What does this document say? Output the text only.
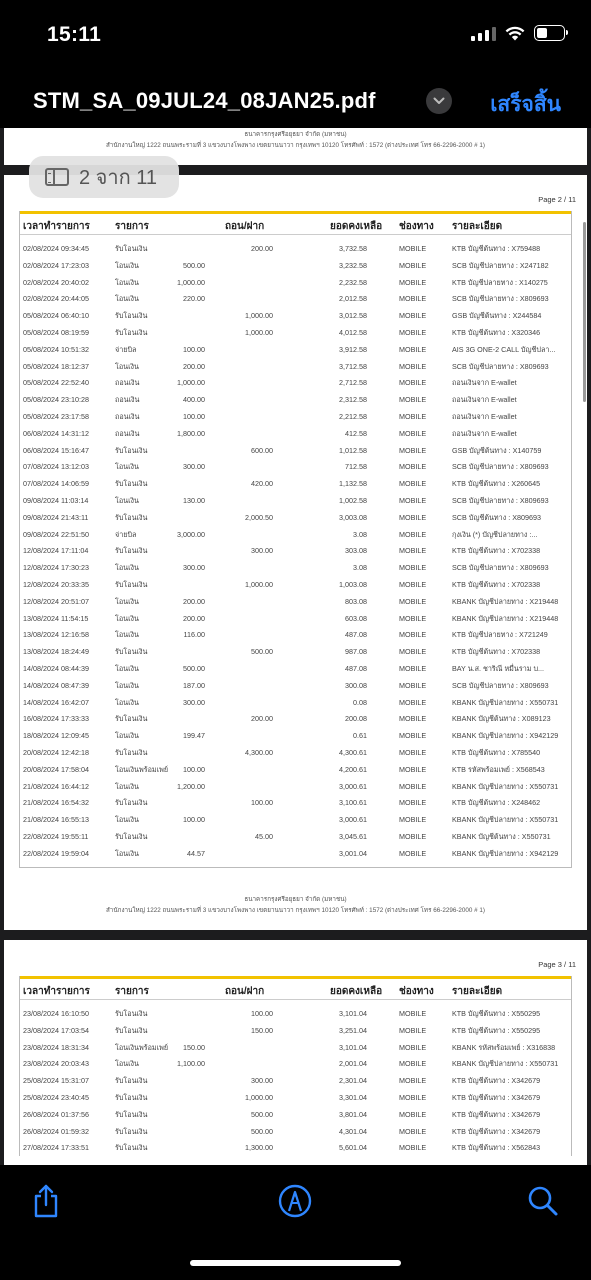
15:11
STM_SA_09JUL24_08JAN25.pdf	เสร็จสิ้น
ธนาคารกรุงศรีอยุธยา จำกัด (มหาชน)
สำนักงานใหญ่ 1222 ถนนพระรามที่ 3 แขวงบางโพงพาง เขตยานนาวา กรุงเทพฯ 10120 โทรศัพท์ : 1572 (ต่างประเทศ โทร 66-2296-2000 # 1)
Page 2 / 11
เวลาทำรายการ	รายการ	ถอน/ฝาก	ยอดคงเหลือ ช่องทาง รายละเอียด
02/08/2024 09:34:45	รับโอนเงิน	200.00	3,732.58	MOBILE	KTB บัญชีต้นทาง : X759488
02/08/2024 17:23:03	โอนเงิน	500.00	3,232.58	MOBILE	SCB บัญชีปลายทาง : X247182
02/08/2024 20:40:02	โอนเงิน	1,000.00	2,232.58	MOBILE	KTB บัญชีปลายทาง : X140275
02/08/2024 20:44:05	โอนเงิน	220.00	2,012.58	MOBILE	SCB บัญชีปลายทาง : X809693
05/08/2024 06:40:10	รับโอนเงิน	1,000.00	3,012.58	MOBILE	GSB บัญชีต้นทาง : X244584
05/08/2024 08:19:59	รับโอนเงิน	1,000.00	4,012.58	MOBILE	KTB บัญชีต้นทาง : X320346
05/08/2024 10:51:32	จ่ายบิล	100.00	3,912.58	MOBILE	AIS 3G ONE-2 CALL บัญชีปลา...
05/08/2024 18:12:37	โอนเงิน	200.00	3,712.58	MOBILE	SCB บัญชีปลายทาง : X809693
05/08/2024 22:52:40	ถอนเงิน	1,000.00	2,712.58	MOBILE	ถอนเงินจาก E-wallet
05/08/2024 23:10:28	ถอนเงิน	400.00	2,312.58	MOBILE	ถอนเงินจาก E-wallet
05/08/2024 23:17:58	ถอนเงิน	100.00	2,212.58	MOBILE	ถอนเงินจาก E-wallet
06/08/2024 14:31:12	ถอนเงิน	1,800.00	412.58	MOBILE	ถอนเงินจาก E-wallet
06/08/2024 15:16:47	รับโอนเงิน	600.00	1,012.58	MOBILE	GSB บัญชีต้นทาง : X140759
07/08/2024 13:12:03	โอนเงิน	300.00	712.58	MOBILE	SCB บัญชีปลายทาง : X809693
07/08/2024 14:06:59	รับโอนเงิน	420.00	1,132.58	MOBILE	KTB บัญชีต้นทาง : X260645
09/08/2024 11:03:14	โอนเงิน	130.00	1,002.58	MOBILE	SCB บัญชีปลายทาง : X809693
09/08/2024 21:43:11	รับโอนเงิน	2,000.50	3,003.08	MOBILE	SCB บัญชีต้นทาง : X809693
09/08/2024 22:51:50	จ่ายบิล	3,000.00	3.08	MOBILE	กุงเงิน (*) บัญชีปลายทาง :...
12/08/2024 17:11:04	รับโอนเงิน	300.00	303.08	MOBILE	KTB บัญชีต้นทาง : X702338
12/08/2024 17:30:23	โอนเงิน	300.00	3.08	MOBILE	SCB บัญชีปลายทาง : X809693
12/08/2024 20:33:35	รับโอนเงิน	1,000.00	1,003.08	MOBILE	KTB บัญชีต้นทาง : X702338
12/08/2024 20:51:07	โอนเงิน	200.00	803.08	MOBILE	KBANK บัญชีปลายทาง : X219448
13/08/2024 11:54:15	โอนเงิน	200.00	603.08	MOBILE	KBANK บัญชีปลายทาง : X219448
13/08/2024 12:16:58	โอนเงิน	116.00	487.08	MOBILE	KTB บัญชีปลายทาง : X721249
13/08/2024 18:24:49	รับโอนเงิน	500.00	987.08	MOBILE	KTB บัญชีต้นทาง : X702338
14/08/2024 08:44:39	โอนเงิน	500.00	487.08	MOBILE	BAY น.ส. ชาริณี หมื่นราม บ...
14/08/2024 08:47:39	โอนเงิน	187.00	300.08	MOBILE	SCB บัญชีปลายทาง : X809693
14/08/2024 16:42:07	โอนเงิน	300.00	0.08	MOBILE	KBANK บัญชีปลายทาง : X550731
16/08/2024 17:33:33	รับโอนเงิน	200.00	200.08	MOBILE	KBANK บัญชีต้นทาง : X089123
18/08/2024 12:09:45	โอนเงิน	199.47	0.61	MOBILE	KBANK บัญชีปลายทาง : X942129
20/08/2024 12:42:18	รับโอนเงิน	4,300.00	4,300.61	MOBILE	KTB บัญชีต้นทาง : X785540
20/08/2024 17:58:04	โอนเงินพร้อมเพย์ 100.00	4,200.61	MOBILE	KTB รหัสพร้อมเพย์ : X568543
21/08/2024 16:44:12	โอนเงิน	1,200.00	3,000.61	MOBILE	KBANK บัญชีปลายทาง : X550731
21/08/2024 16:54:32	รับโอนเงิน	100.00	3,100.61	MOBILE	KTB บัญชีต้นทาง : X248462
21/08/2024 16:55:13	โอนเงิน	100.00	3,000.61	MOBILE	KBANK บัญชีปลายทาง : X550731
22/08/2024 19:55:11	รับโอนเงิน	45.00	3,045.61	MOBILE	KBANK บัญชีต้นทาง : X550731
22/08/2024 19:59:04	โอนเงิน	44.57	3,001.04	MOBILE	KBANK บัญชีปลายทาง : X942129
ธนาคารกรุงศรีอยุธยา จำกัด (มหาชน)
สำนักงานใหญ่ 1222 ถนนพระรามที่ 3 แขวงบางโพงพาง เขตยานนาวา กรุงเทพฯ 10120 โทรศัพท์ : 1572 (ต่างประเทศ โทร 66-2296-2000 # 1)
Page 3 / 11
เวลาทำรายการ	รายการ	ถอน/ฝาก	ยอดคงเหลือ ช่องทาง รายละเอียด
23/08/2024 16:10:50	รับโอนเงิน	100.00	3,101.04	MOBILE	KTB บัญชีต้นทาง : X550295
23/08/2024 17:03:54	รับโอนเงิน	150.00	3,251.04	MOBILE	KTB บัญชีต้นทาง : X550295
23/08/2024 18:31:34	โอนเงินพร้อมเพย์ 150.00	3,101.04	MOBILE	KBANK รหัสพร้อมเพย์ : X316838
23/08/2024 20:03:43	โอนเงิน	1,100.00	2,001.04	MOBILE	KBANK บัญชีปลายทาง : X550731
25/08/2024 15:31:07	รับโอนเงิน	300.00	2,301.04	MOBILE	KTB บัญชีต้นทาง : X342679
25/08/2024 23:40:45	รับโอนเงิน	1,000.00	3,301.04	MOBILE	KTB บัญชีต้นทาง : X342679
26/08/2024 01:37:56	รับโอนเงิน	500.00	3,801.04	MOBILE	KTB บัญชีต้นทาง : X342679
26/08/2024 01:59:32	รับโอนเงิน	500.00	4,301.04	MOBILE	KTB บัญชีต้นทาง : X342679
27/08/2024 17:33:51	รับโอนเงิน	1,300.00	5,601.04	MOBILE	KTB บัญชีต้นทาง : X562843
2 จาก 11
